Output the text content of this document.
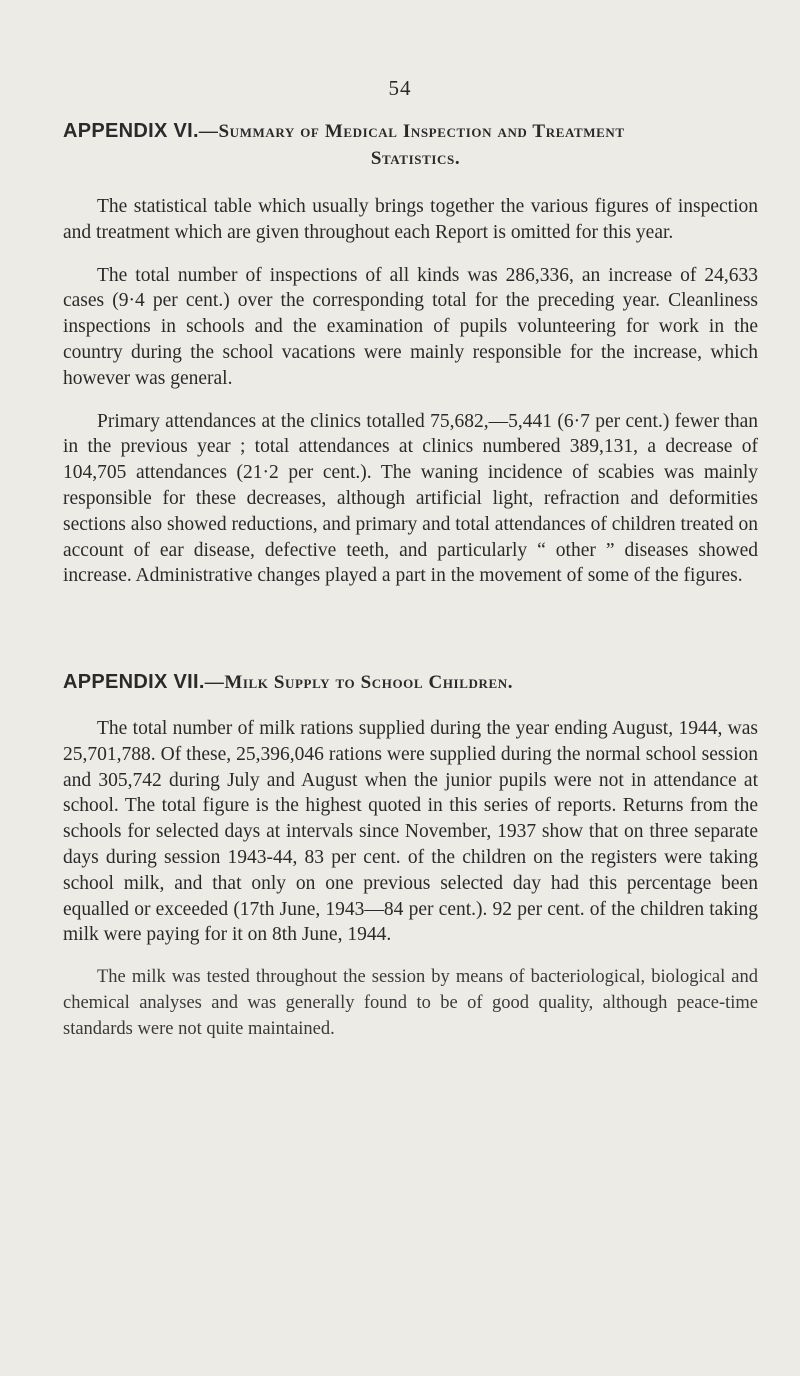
54
APPENDIX VI.—Summary of Medical Inspection and Treatment
Statistics.

The statistical table which usually brings together the various figures of inspection and treatment which are given throughout each Report is omitted for this year.

The total number of inspections of all kinds was 286,336, an increase of 24,633 cases (9·4 per cent.) over the corresponding total for the preceding year. Cleanliness inspections in schools and the examination of pupils volunteering for work in the country during the school vacations were mainly responsible for the increase, which however was general.

Primary attendances at the clinics totalled 75,682,—5,441 (6·7 per cent.) fewer than in the previous year ; total attendances at clinics numbered 389,131, a decrease of 104,705 attendances (21·2 per cent.). The waning incidence of scabies was mainly responsible for these decreases, although artificial light, refraction and deformities sections also showed reductions, and primary and total attendances of children treated on account of ear disease, defective teeth, and particularly “ other ” diseases showed increase. Administrative changes played a part in the movement of some of the figures.

APPENDIX VII.—Milk Supply to School Children.

The total number of milk rations supplied during the year ending August, 1944, was 25,701,788. Of these, 25,396,046 rations were supplied during the normal school session and 305,742 during July and August when the junior pupils were not in attendance at school. The total figure is the highest quoted in this series of reports. Returns from the schools for selected days at intervals since November, 1937 show that on three separate days during session 1943-44, 83 per cent. of the children on the registers were taking school milk, and that only on one previous selected day had this percentage been equalled or exceeded (17th June, 1943—84 per cent.). 92 per cent. of the children taking milk were paying for it on 8th June, 1944.

The milk was tested throughout the session by means of bacteriological, biological and chemical analyses and was generally found to be of good quality, although peace-time standards were not quite maintained.
